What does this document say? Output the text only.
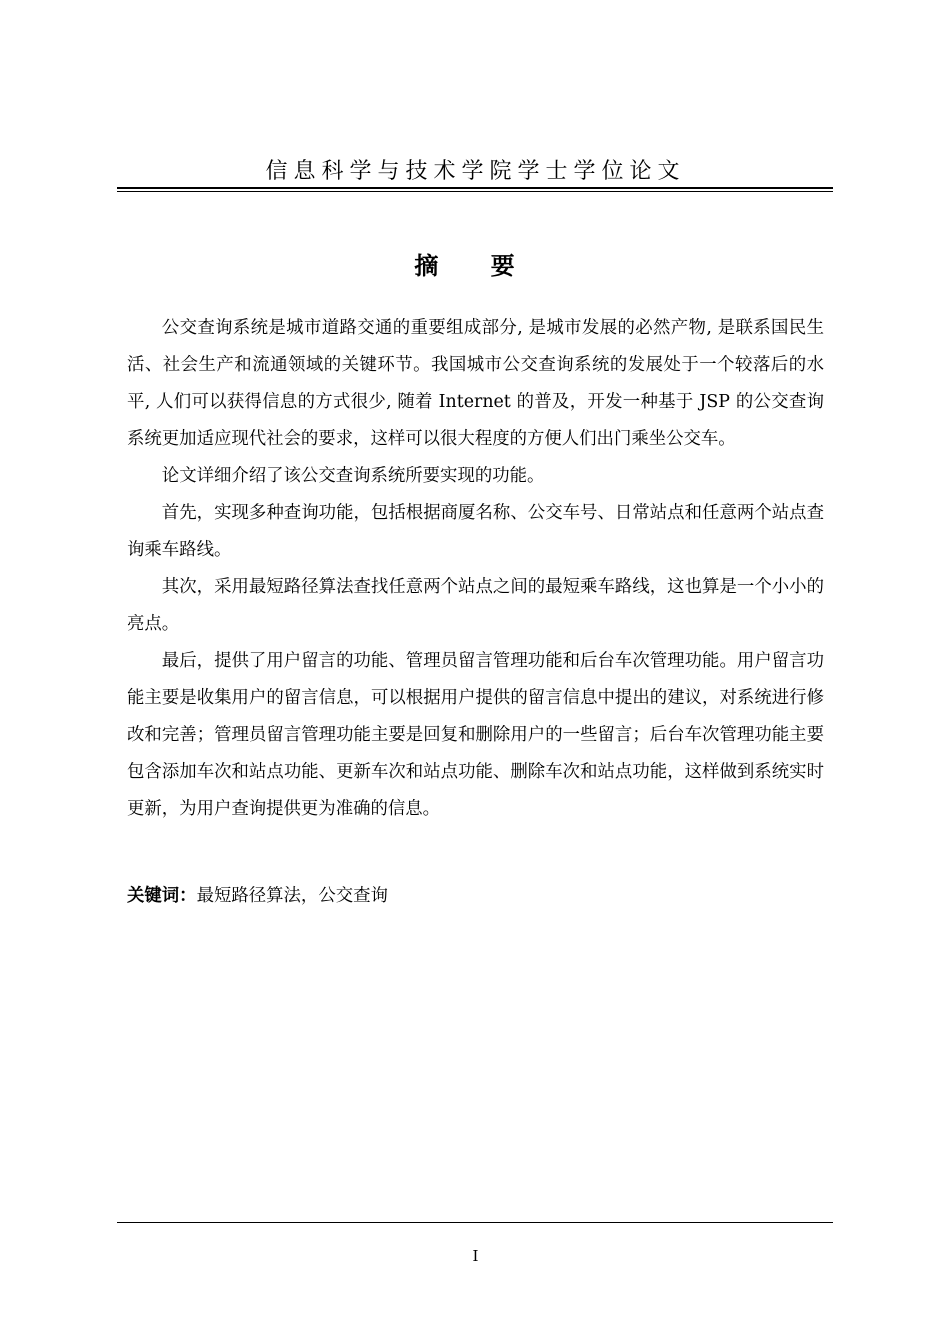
信息科学与技术学院学士学位论文
摘 要

公交查询系统是城市道路交通的重要组成部分, 是城市发展的必然产物, 是联系国民生活、社会生产和流通领域的关键环节。我国城市公交查询系统的发展处于一个较落后的水平, 人们可以获得信息的方式很少, 随着 Internet 的普及，开发一种基于 JSP 的公交查询系统更加适应现代社会的要求，这样可以很大程度的方便人们出门乘坐公交车。

论文详细介绍了该公交查询系统所要实现的功能。

首先，实现多种查询功能，包括根据商厦名称、公交车号、日常站点和任意两个站点查询乘车路线。

其次，采用最短路径算法查找任意两个站点之间的最短乘车路线，这也算是一个小小的亮点。

最后，提供了用户留言的功能、管理员留言管理功能和后台车次管理功能。用户留言功能主要是收集用户的留言信息，可以根据用户提供的留言信息中提出的建议，对系统进行修改和完善；管理员留言管理功能主要是回复和删除用户的一些留言；后台车次管理功能主要包含添加车次和站点功能、更新车次和站点功能、删除车次和站点功能，这样做到系统实时更新，为用户查询提供更为准确的信息。

关键词：最短路径算法，公交查询
I
